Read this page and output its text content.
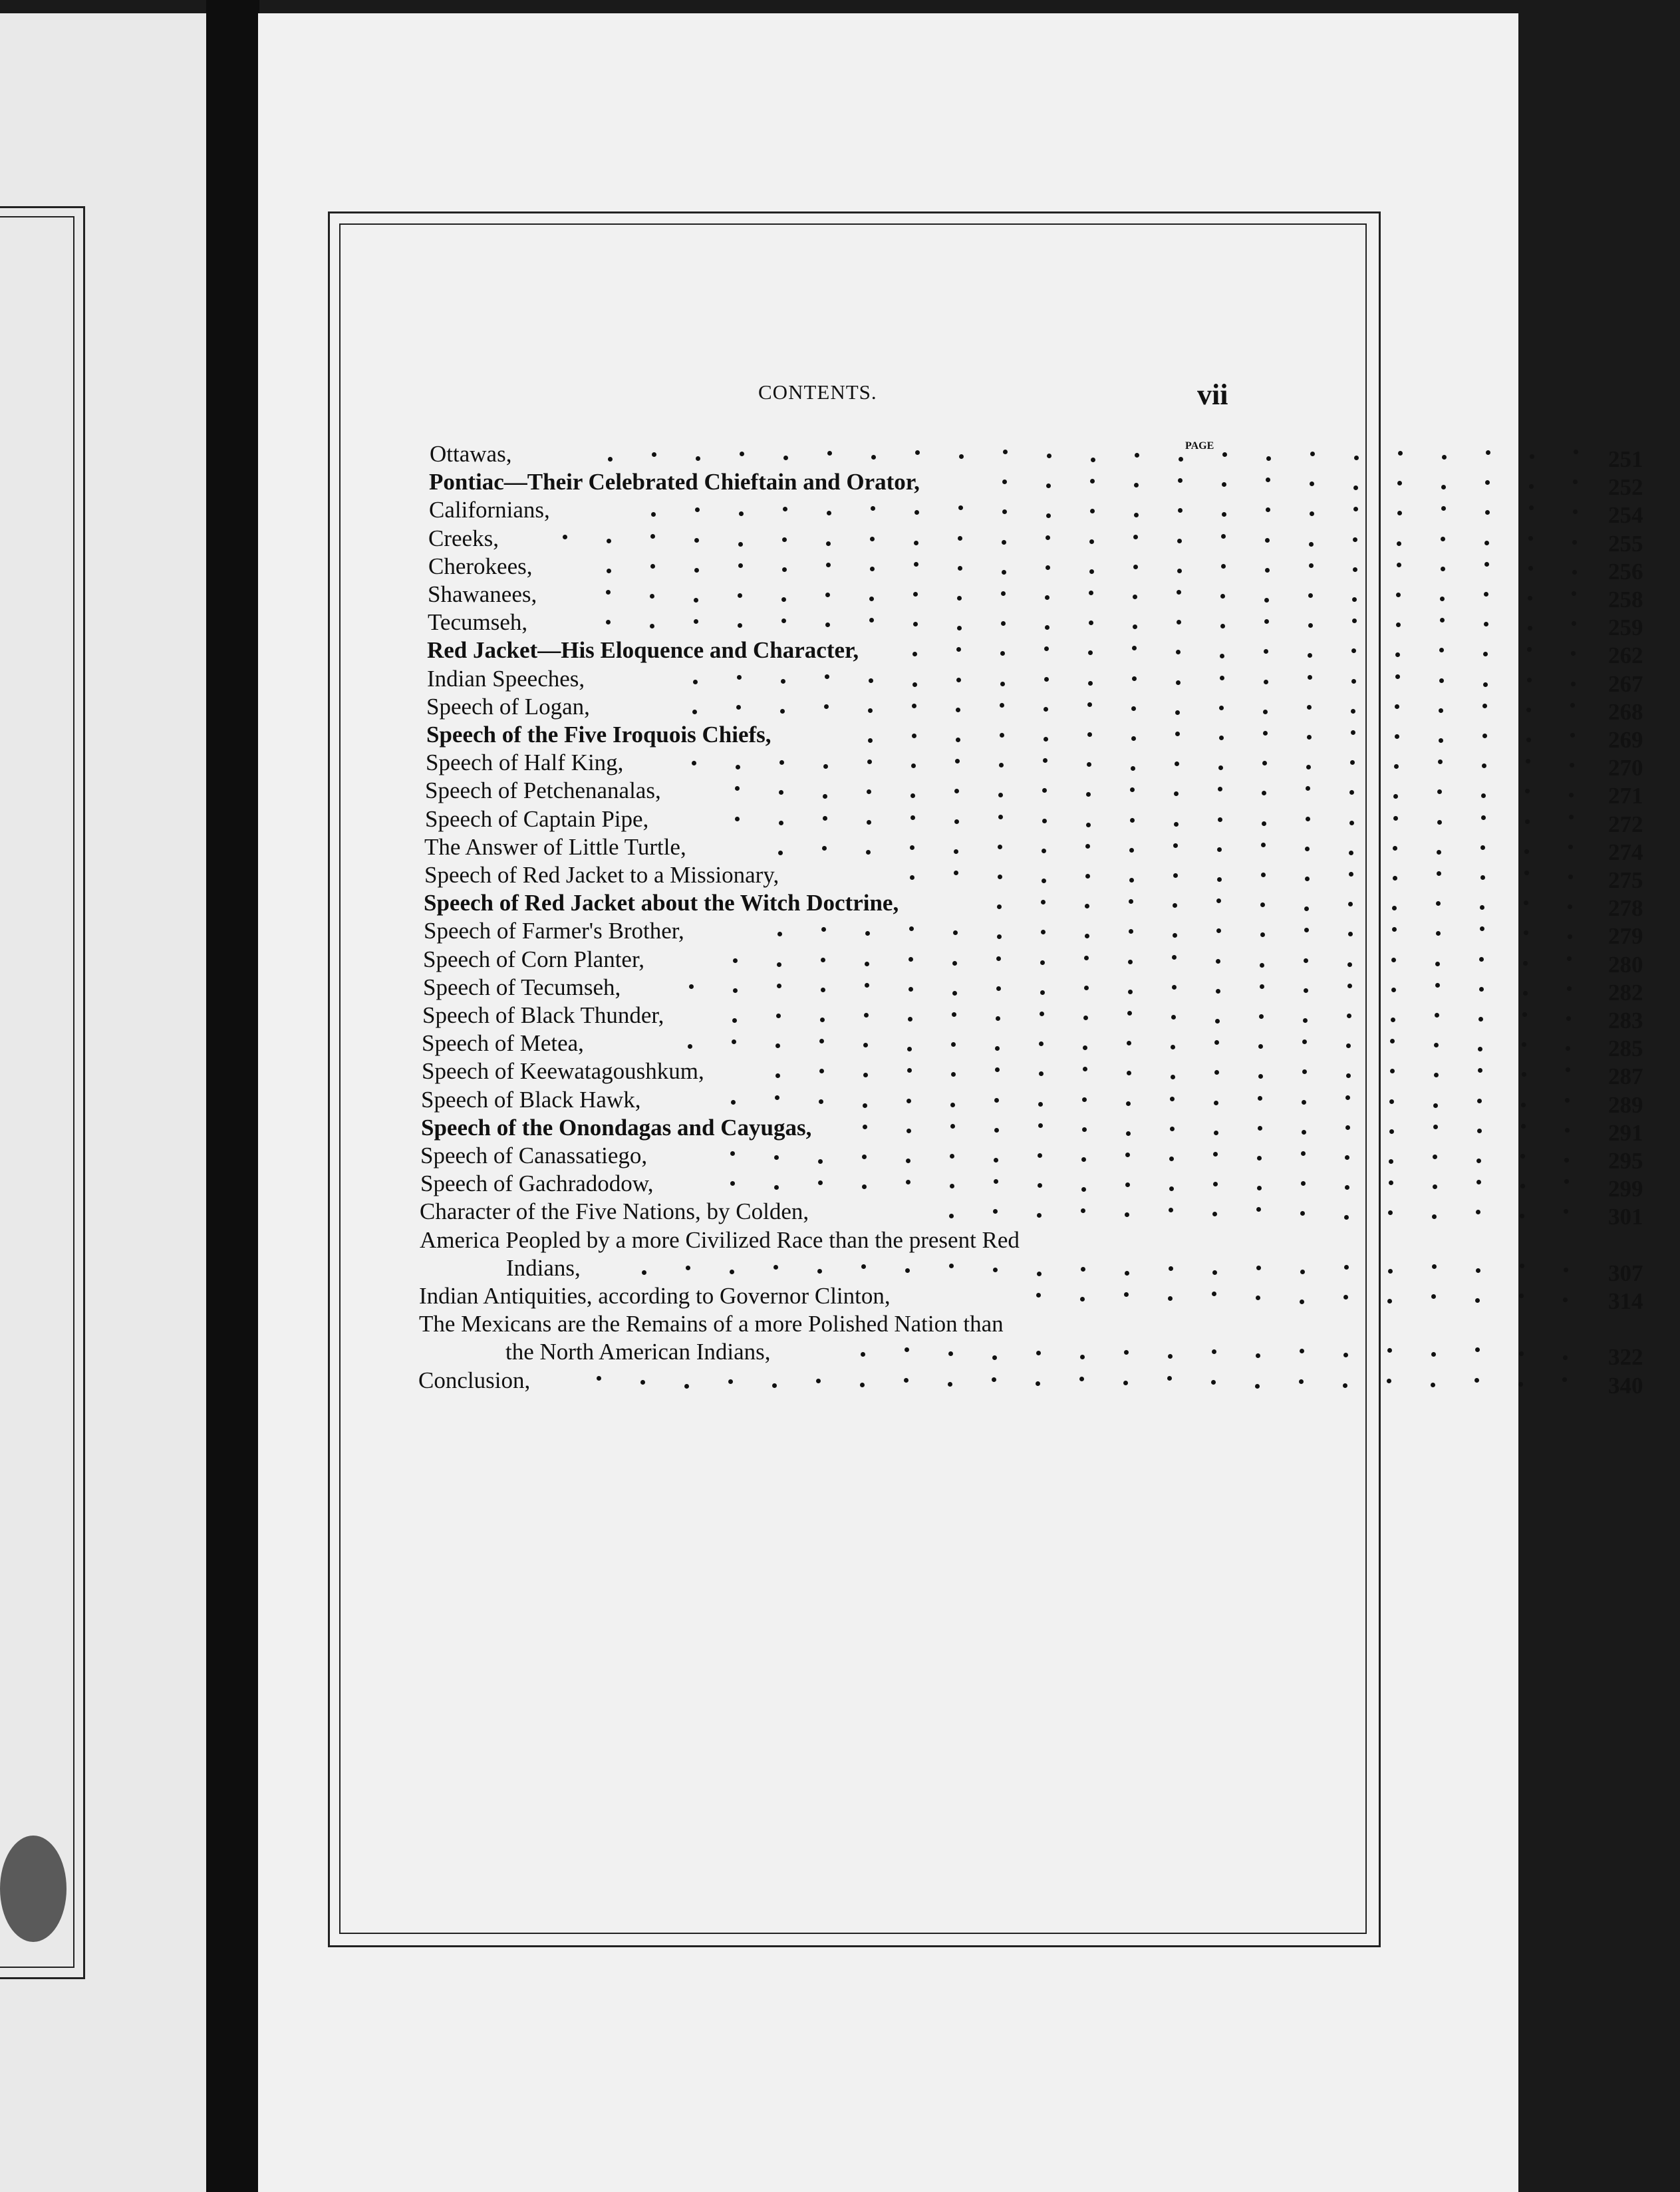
CONTENTS.	vii
PAGE
Ottawas,	251
Pontiac—Their Celebrated Chieftain and Orator,	252
Californians,	254
Creeks,	255
Cherokees,	256
Shawanees,	258
Tecumseh,	259
Red Jacket—His Eloquence and Character,	262
Indian Speeches,	267
Speech of Logan,	268
Speech of the Five Iroquois Chiefs,	269
Speech of Half King,	270
Speech of Petchenanalas,	271
Speech of Captain Pipe,	272
The Answer of Little Turtle,	274
Speech of Red Jacket to a Missionary,	275
Speech of Red Jacket about the Witch Doctrine,	278
Speech of Farmer's Brother,	279
Speech of Corn Planter,	280
Speech of Tecumseh,	282
Speech of Black Thunder,	283
Speech of Metea,	285
Speech of Keewatagoushkum,	287
Speech of Black Hawk,	289
Speech of the Onondagas and Cayugas,	291
Speech of Canassatiego,	295
Speech of Gachradodow,	299
Character of the Five Nations, by Colden,	301
America Peopled by a more Civilized Race than the present Red
Indians,	307
Indian Antiquities, according to Governor Clinton,	314
The Mexicans are the Remains of a more Polished Nation than
the North American Indians,	322
Conclusion,	340
